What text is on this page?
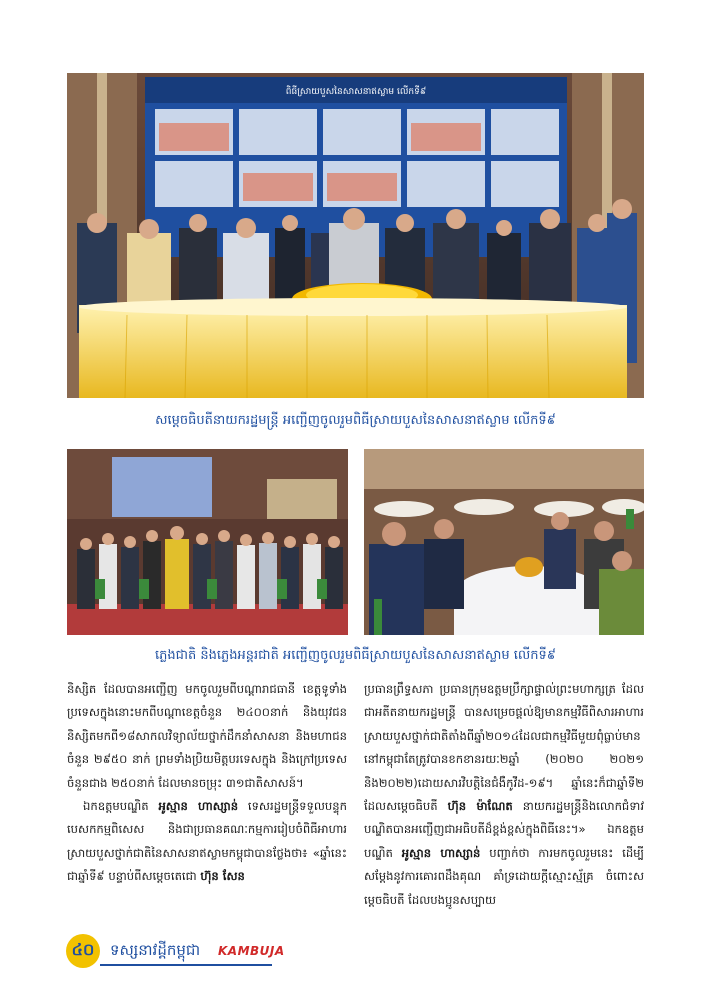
ពិធីស្រាយបួសនៃសាសនាឥស្លាម លើកទី៩
សម្តេចធិបតីនាយករដ្ឋមន្ត្រី អញ្ជើញចូលរួមពិធីស្រាយបួសនៃសាសនាឥស្លាម លើកទី៩
ភ្លេងជាតិ និងភ្លេងអន្តរជាតិ អញ្ជើញចូលរួមពិធីស្រាយបួសនៃសាសនាឥស្លាម លើកទី៩

និស្សិត ដែលបានអញ្ជើញ មកចូលរួមពីបណ្តារាជធានី ខេត្តទូទាំងប្រទេសក្នុងនោះមកពីបណ្តាខេត្តចំនួន ២៤០០នាក់ និងយុវជន និស្សិតមកពី១៨សាកលវិទ្យាល័យថ្នាក់ដឹកនាំសាសនា និងមហាជនចំនួន ២៩៥០ នាក់ ព្រមទាំងប្រិយមិត្តបរទេសក្នុង និងក្រៅប្រទេសចំនួនជាង ២៥០នាក់ ដែលមានចម្រុះ ៣១ជាតិសាសន៍។

ឯកឧត្តមបណ្ឌិត អូស្មាន ហាស្សាន់ ទេសរដ្ឋមន្ត្រីទទួលបន្ទុកបេសកកម្មពិសេស និងជាប្រធានគណៈកម្មការរៀបចំពិធីអាហារស្រាយបួសថ្នាក់ជាតិនៃសាសនាឥស្លាមកម្ពុជាបានថ្លែងថា៖ «ឆ្នាំនេះជាឆ្នាំទី៩ បន្ទាប់ពីសម្តេចតេជោ ហ៊ុន សែន

ប្រធានព្រឹទ្ធសភា ប្រធានក្រុមឧត្តមប្រឹក្សាផ្ទាល់ព្រះមហាក្សត្រ ដែលជាអតីតនាយករដ្ឋមន្ត្រី បានសម្រេចផ្តល់ឱ្យមានកម្មវិធីពិសារអាហារស្រាយបួសថ្នាក់ជាតិតាំងពីឆ្នាំ២០១៤ដែលជាកម្មវិធីមួយពុំធ្លាប់មាននៅកម្ពុជាតែត្រូវបានខកខានរយៈ២ឆ្នាំ (២០២០ ២០២១ និង២០២២)ដោយសារវិបត្តិនៃជំងឺកូវីដ-១៩។ ឆ្នាំនេះក៏ជាឆ្នាំទី២ ដែលសម្តេចធិបតី ហ៊ុន ម៉ាណែត នាយករដ្ឋមន្ត្រីនិងលោកជំទាវបណ្ឌិតបានអញ្ជើញជាអធិបតីដ៏ខ្ពង់ខ្ពស់ក្នុងពិធីនេះ។» ឯកឧត្តមបណ្ឌិត អូស្មាន ហាស្សាន់ បញ្ជាក់ថា ការមកចូលរួមនេះ ដើម្បីសម្តែងនូវការគោរពដឹងគុណ គាំទ្រដោយក្តីស្មោះស្ម័គ្រ ចំពោះសម្តេចធិបតី ដែលបងប្អូនសប្បាយ

៤០	ទស្សនាវដ្តីកម្ពុជា KAMBUJA
